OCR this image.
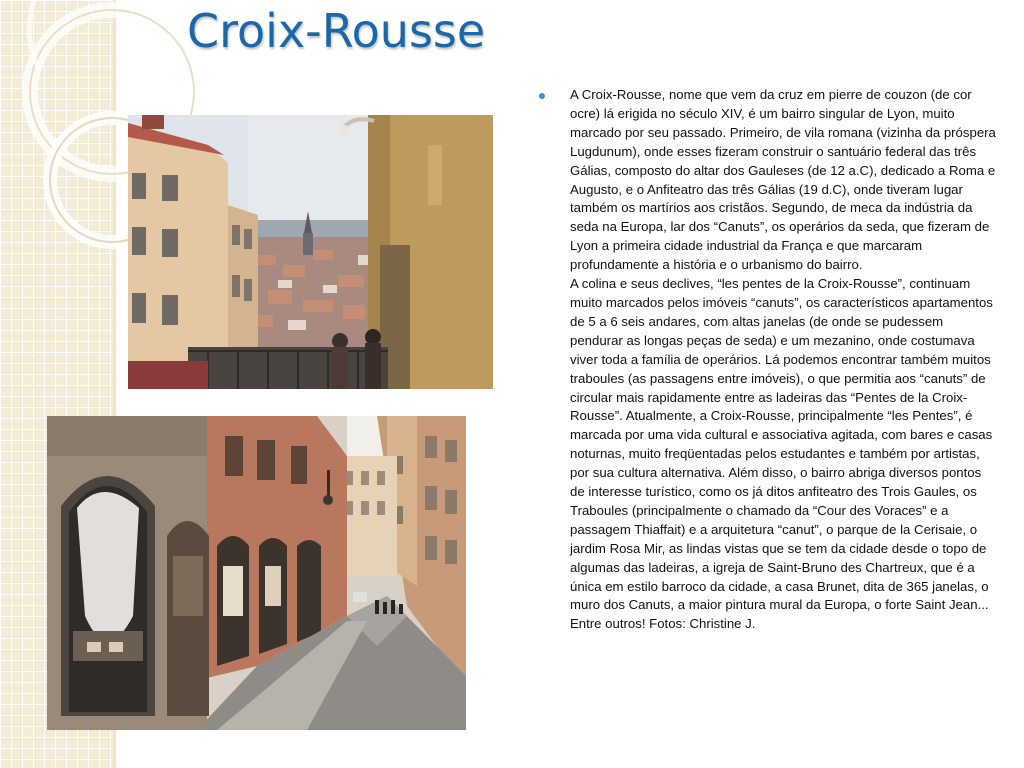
Croix-Rousse

A Croix-Rousse, nome que vem da cruz em pierre de couzon (de cor ocre) lá erigida no século XIV, é um bairro singular de Lyon, muito marcado por seu passado. Primeiro, de vila romana (vizinha da próspera Lugdunum), onde esses fizeram construir o santuário federal das três Gálias, composto do altar dos Gauleses (de 12 a.C), dedicado a Roma e Augusto, e o Anfiteatro das três Gálias (19 d.C), onde tiveram lugar também os martírios aos cristãos. Segundo, de meca da indústria da seda na Europa, lar dos “Canuts”, os operários da seda, que fizeram de Lyon a primeira cidade industrial da França e que marcaram profundamente a história e o urbanismo do bairro.

A colina e seus declives, “les pentes de la Croix-Rousse”, continuam muito marcados pelos imóveis “canuts”, os característicos apartamentos de 5 a 6 seis andares, com altas janelas (de onde se pudessem pendurar as longas peças de seda) e um mezanino, onde costumava viver toda a família de operários. Lá podemos encontrar também muitos traboules (as passagens entre imóveis), o que permitia aos “canuts” de circular mais rapidamente entre as ladeiras das “Pentes de la Croix-Rousse”. Atualmente, a Croix-Rousse, principalmente “les Pentes”, é marcada por uma vida cultural e associativa agitada, com bares e casas noturnas, muito freqüentadas pelos estudantes e também por artistas, por sua cultura alternativa. Além disso, o bairro abriga diversos pontos de interesse turístico, como os já ditos anfiteatro des Trois Gaules, os Traboules (principalmente o chamado da “Cour des Voraces” e a passagem Thiaffait) e a arquitetura “canut”, o parque de la Cerisaie, o jardim Rosa Mir, as lindas vistas que se tem da cidade desde o topo de algumas das ladeiras, a igreja de Saint-Bruno des Chartreux, que é a única em estilo barroco da cidade, a casa Brunet, dita de 365 janelas, o muro dos Canuts, a maior pintura mural da Europa, o forte Saint Jean... Entre outros! Fotos: Christine J.
